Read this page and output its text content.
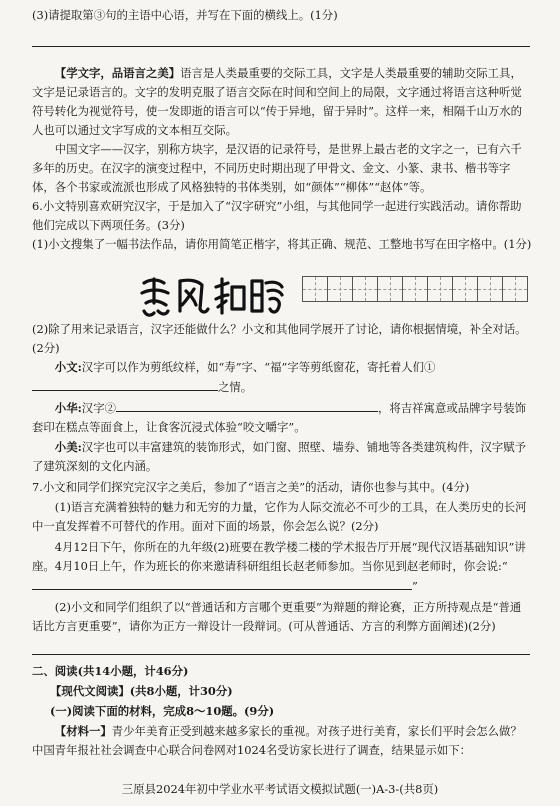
(3)请提取第③句的主语中心语，并写在下面的横线上。(1分)
【学文字，品语言之美】语言是人类最重要的交际工具，文字是人类最重要的辅助交际工具，文字是记录语言的。文字的发明克服了语言交际在时间和空间上的局限，文字通过将语言这种听觉符号转化为视觉符号，使一发即逝的语言可以“传于异地，留于异时”。这样一来，相隔千山万水的人也可以通过文字写成的文本相互交际。
中国文字——汉字，别称方块字，是汉语的记录符号，是世界上最古老的文字之一，已有六千多年的历史。在汉字的演变过程中，不同历史时期出现了甲骨文、金文、小篆、隶书、楷书等字体，各个书家或流派也形成了风格独特的书体类别，如“颜体”“柳体”“赵体”等。
6.小文特别喜欢研究汉字，于是加入了“汉字研究”小组，与其他同学一起进行实践活动。请你帮助他们完成以下两项任务。(3分)
(1)小文搜集了一幅书法作品，请你用简笔正楷字，将其正确、规范、工整地书写在田字格中。(1分)

(2)除了用来记录语言，汉字还能做什么？小文和其他同学展开了讨论，请你根据情境，补全对话。(2分)
小文:汉字可以作为剪纸纹样，如“寿”字、“福”字等剪纸窗花，寄托着人们①
之情。
小华:汉字②	，将吉祥寓意或品牌字号装饰套印在糕点等面食上，让食客沉浸式体验“咬文嚼字”。
小美:汉字也可以丰富建筑的装饰形式，如门窗、照壁、墙券、铺地等各类建筑构件，汉字赋予了建筑深刻的文化内涵。
7.小文和同学们探究完汉字之美后，参加了“语言之美”的活动，请你也参与其中。(4分)
(1)语言充满着独特的魅力和无穷的力量，它作为人际交流必不可少的工具，在人类历史的长河中一直发挥着不可替代的作用。面对下面的场景，你会怎么说？(2分)
4月12日下午，你所在的九年级(2)班要在教学楼二楼的学术报告厅开展“现代汉语基础知识”讲座。4月10日上午，作为班长的你来邀请科研组组长赵老师参加。当你见到赵老师时，你会说:“”
(2)小文和同学们组织了以“普通话和方言哪个更重要”为辩题的辩论赛，正方所持观点是“普通话比方言更重要”，请你为正方一辩设计一段辩词。(可从普通话、方言的利弊方面阐述)(2分)
二、阅读(共14小题，计46分)
【现代文阅读】(共8小题，计30分)
(一)阅读下面的材料，完成8～10题。(9分)
【材料一】青少年美育正受到越来越多家长的重视。对孩子进行美育，家长们平时会怎么做？中国青年报社社会调查中心联合问卷网对1024名受访家长进行了调查，结果显示如下：
三原县2024年初中学业水平考试语文模拟试题(一)A-3-(共8页)
